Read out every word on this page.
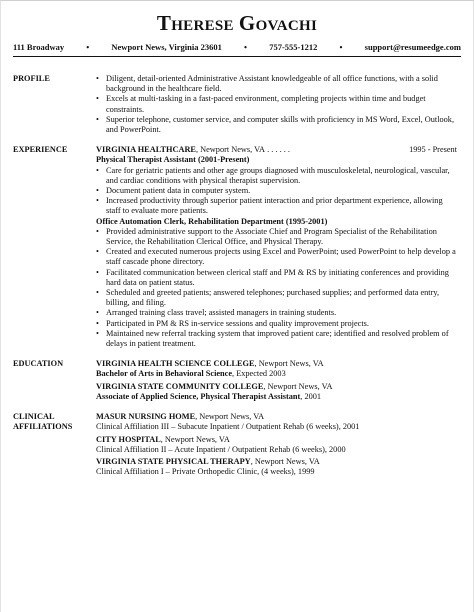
THERESE GOVACHI
111 Broadway	•	Newport News, Virginia 23601	•	757-555-1212	•	support@resumeedge.com
PROFILE
•	Diligent, detail-oriented Administrative Assistant knowledgeable of all office functions, with a solid background in the healthcare field.
• Excels at multi-tasking in a fast-paced environment, completing projects within time and budget constraints.
• Superior telephone, customer service, and computer skills with proficiency in MS Word, Excel, Outlook, and PowerPoint.
EXPERIENCE	VIRGINIA HEALTHCARE , Newport News, VA
. . . . . .	1995 - Present
Physical Therapist Assistant (2001-Present)
• Care for geriatric patients and other age groups diagnosed with musculoskeletal, neurological, vascular, and cardiac conditions with physical therapist supervision.
• Document patient data in computer system.
• Increased productivity through superior patient interaction and prior department experience, allowing staff to evaluate more patients.
Office Automation Clerk, Rehabilitation Department (1995-2001)
• Provided administrative support to the Associate Chief and Program Specialist of the Rehabilitation Service, the Rehabilitation Clerical Office, and Physical Therapy.
• Created and executed numerous projects using Excel and PowerPoint; used PowerPoint to help develop a staff cascade phone directory.
• Facilitated communication between clerical staff and PM & RS by initiating conferences and providing hard data on patient status.
• Scheduled and greeted patients; answered telephones; purchased supplies; and performed data entry, billing, and filing.
• Arranged training class travel; assisted managers in training students.
• Participated in PM & RS in-service sessions and quality improvement projects.
• Maintained new referral tracking system that improved patient care; identified and resolved problem of delays in patient treatment.
EDUCATION	VIRGINIA HEALTH SCIENCE COLLEGE, Newport News, VA
Bachelor of Arts in Behavioral Science, Expected 2003
VIRGINIA STATE COMMUNITY COLLEGE, Newport News, VA
Associate of Applied Science, Physical Therapist Assistant, 2001
CLINICAL
AFFILIATIONS
MASUR NURSING HOME, Newport News, VA
Clinical Affiliation III – Subacute Inpatient / Outpatient Rehab (6 weeks), 2001
CITY HOSPITAL, Newport News, VA
Clinical Affiliation II – Acute Inpatient / Outpatient Rehab (6 weeks), 2000
VIRGINIA STATE PHYSICAL THERAPY, Newport News, VA
Clinical Affiliation I – Private Orthopedic Clinic, (4 weeks), 1999
